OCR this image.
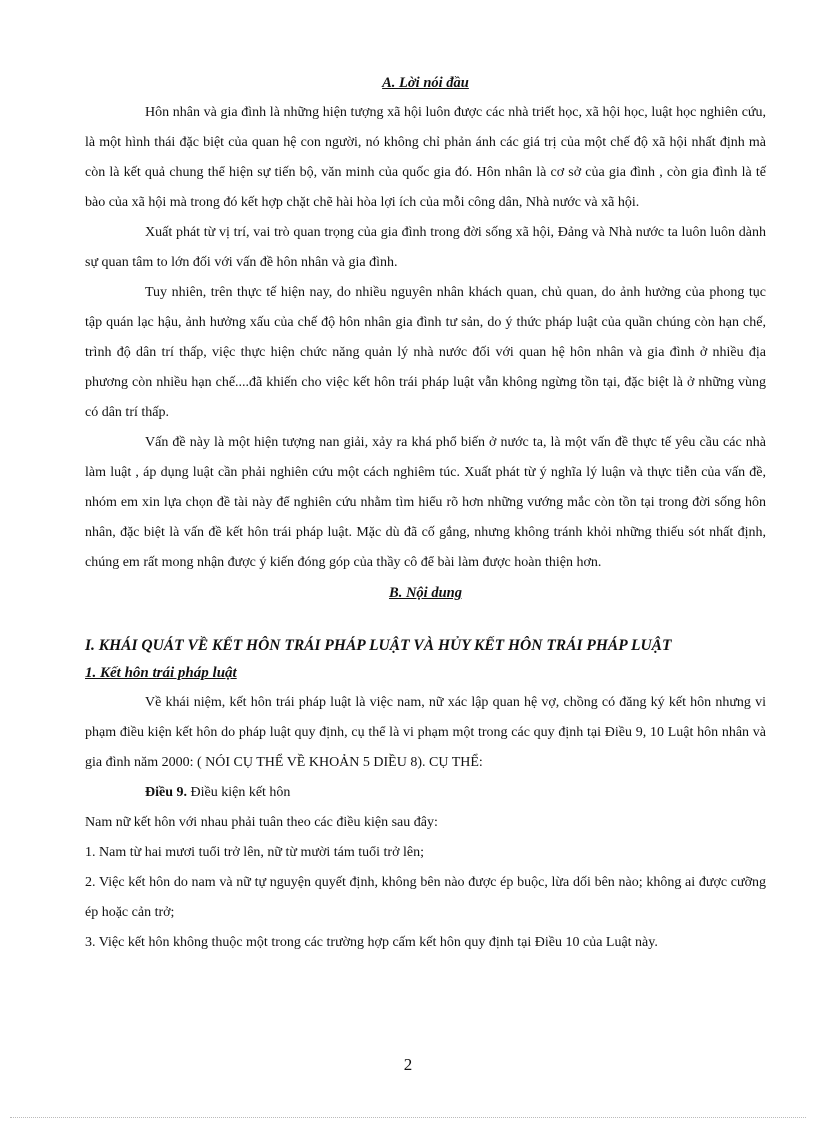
A. Lời nói đầu

Hôn nhân và gia đình là những hiện tượng xã hội luôn được các nhà triết học, xã hội học, luật học nghiên cứu, là một hình thái đặc biệt của quan hệ con người, nó không chỉ phản ánh các giá trị của một chế độ xã hội nhất định mà còn là kết quả chung thể hiện sự tiến bộ, văn minh của quốc gia đó. Hôn nhân là cơ sở của gia đình , còn gia đình là tế bào của xã hội mà trong đó kết hợp chặt chẽ hài hòa lợi ích của mỗi công dân, Nhà nước và xã hội.

Xuất phát từ vị trí, vai trò quan trọng của gia đình trong đời sống xã hội, Đảng và Nhà nước ta luôn luôn dành sự quan tâm to lớn đối với vấn đề hôn nhân và gia đình.

Tuy nhiên, trên thực tế hiện nay, do nhiều nguyên nhân khách quan, chủ quan, do ảnh hưởng của phong tục tập quán lạc hậu, ảnh hưởng xấu của chế độ hôn nhân gia đình tư sản, do ý thức pháp luật của quần chúng còn hạn chế, trình độ dân trí thấp, việc thực hiện chức năng quản lý nhà nước đối với quan hệ hôn nhân và gia đình ở nhiều địa phương còn nhiều hạn chế....đã khiến cho việc kết hôn trái pháp luật vẫn không ngừng tồn tại, đặc biệt là ở những vùng có dân trí thấp.

Vấn đề này là một hiện tượng nan giải, xảy ra khá phổ biến ở nước ta, là một vấn đề thực tế yêu cầu các nhà làm luật , áp dụng luật cần phải nghiên cứu một cách nghiêm túc. Xuất phát từ ý nghĩa lý luận và thực tiễn của vấn đề, nhóm em xin lựa chọn đề tài này để nghiên cứu nhằm tìm hiểu rõ hơn những vướng mắc còn tồn tại trong đời sống hôn nhân, đặc biệt là vấn đề kết hôn trái pháp luật. Mặc dù đã cố gắng, nhưng không tránh khỏi những thiếu sót nhất định, chúng em rất mong nhận được ý kiến đóng góp của thầy cô để bài làm được hoàn thiện hơn.

B. Nội dung
I. KHÁI QUÁT VỀ KẾT HÔN TRÁI PHÁP LUẬT VÀ HỦY KẾT HÔN TRÁI PHÁP LUẬT
1. Kết hôn trái pháp luật

Về khái niệm, kết hôn trái pháp luật là việc nam, nữ xác lập quan hệ vợ, chồng có đăng ký kết hôn nhưng vi phạm điều kiện kết hôn do pháp luật quy định, cụ thể là vi phạm một trong các quy định tại Điều 9, 10 Luật hôn nhân và gia đình năm 2000: ( NÓI CỤ THỂ VỀ KHOẢN 5 DIỀU 8). CỤ THỂ:

Điều 9. Điều kiện kết hôn

Nam nữ kết hôn với nhau phải tuân theo các điều kiện sau đây:

1. Nam từ hai mươi tuổi trở lên, nữ từ mười tám tuổi trở lên;

2. Việc kết hôn do nam và nữ tự nguyện quyết định, không bên nào được ép buộc, lừa dối bên nào; không ai được cưỡng ép hoặc cản trở;

3. Việc kết hôn không thuộc một trong các trường hợp cấm kết hôn quy định tại Điều 10 của Luật này.

2
